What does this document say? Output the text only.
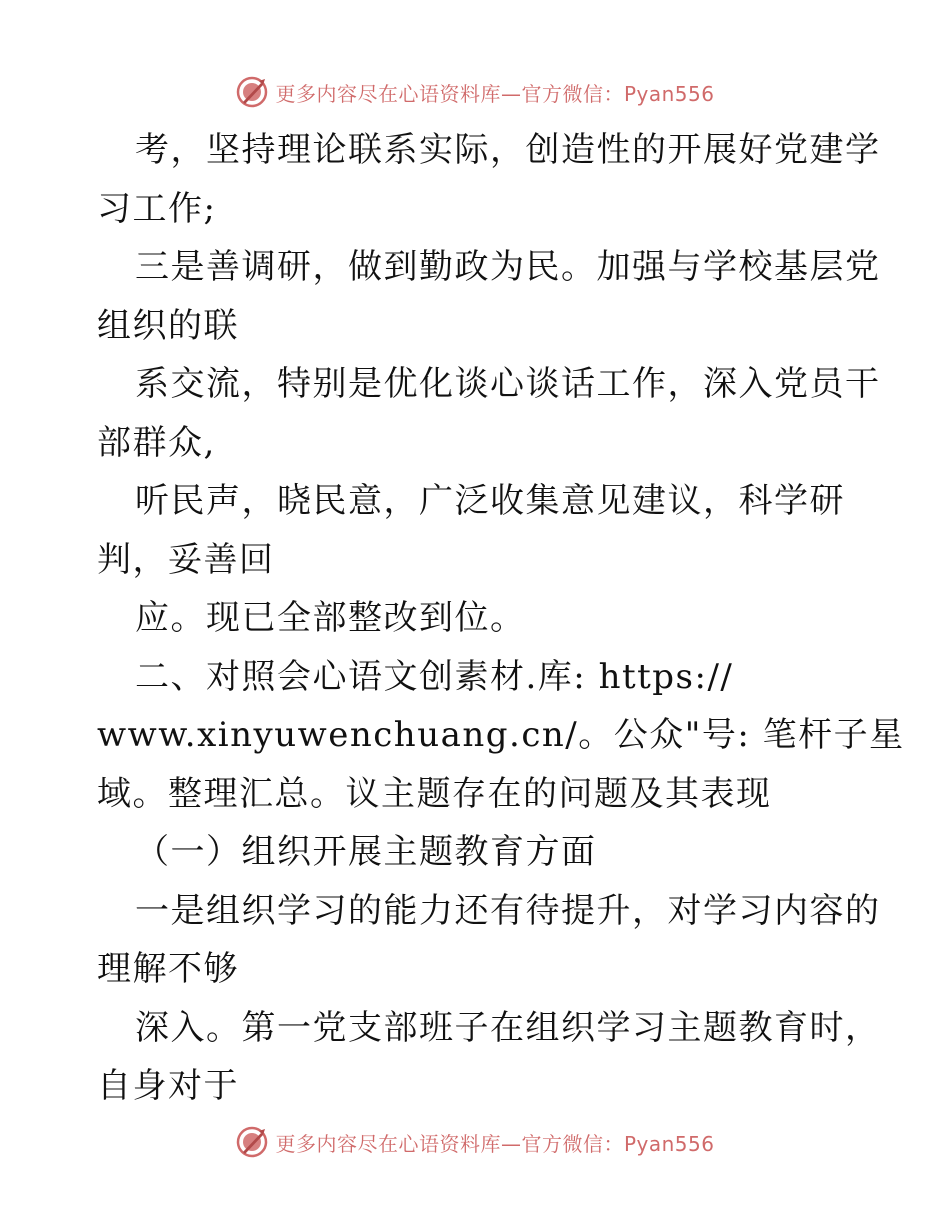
更多内容尽在心语资料库—官方微信：Pyan556
考，坚持理论联系实际，创造性的开展好党建学
习工作;
三是善调研，做到勤政为民。加强与学校基层党
组织的联
系交流，特别是优化谈心谈话工作，深入党员干
部群众,
听民声，晓民意，广泛收集意见建议，科学研
判，妥善回
应。现已全部整改到位。
二、对照会心语文创素材.库: https://
www.xinyuwenchuang.cn/。公众"号: 笔杆子星
域。整理汇总。议主题存在的问题及其表现
（一）组织开展主题教育方面
一是组织学习的能力还有待提升，对学习内容的
理解不够
深入。第一党支部班子在组织学习主题教育时，
自身对于
更多内容尽在心语资料库—官方微信：Pyan556
